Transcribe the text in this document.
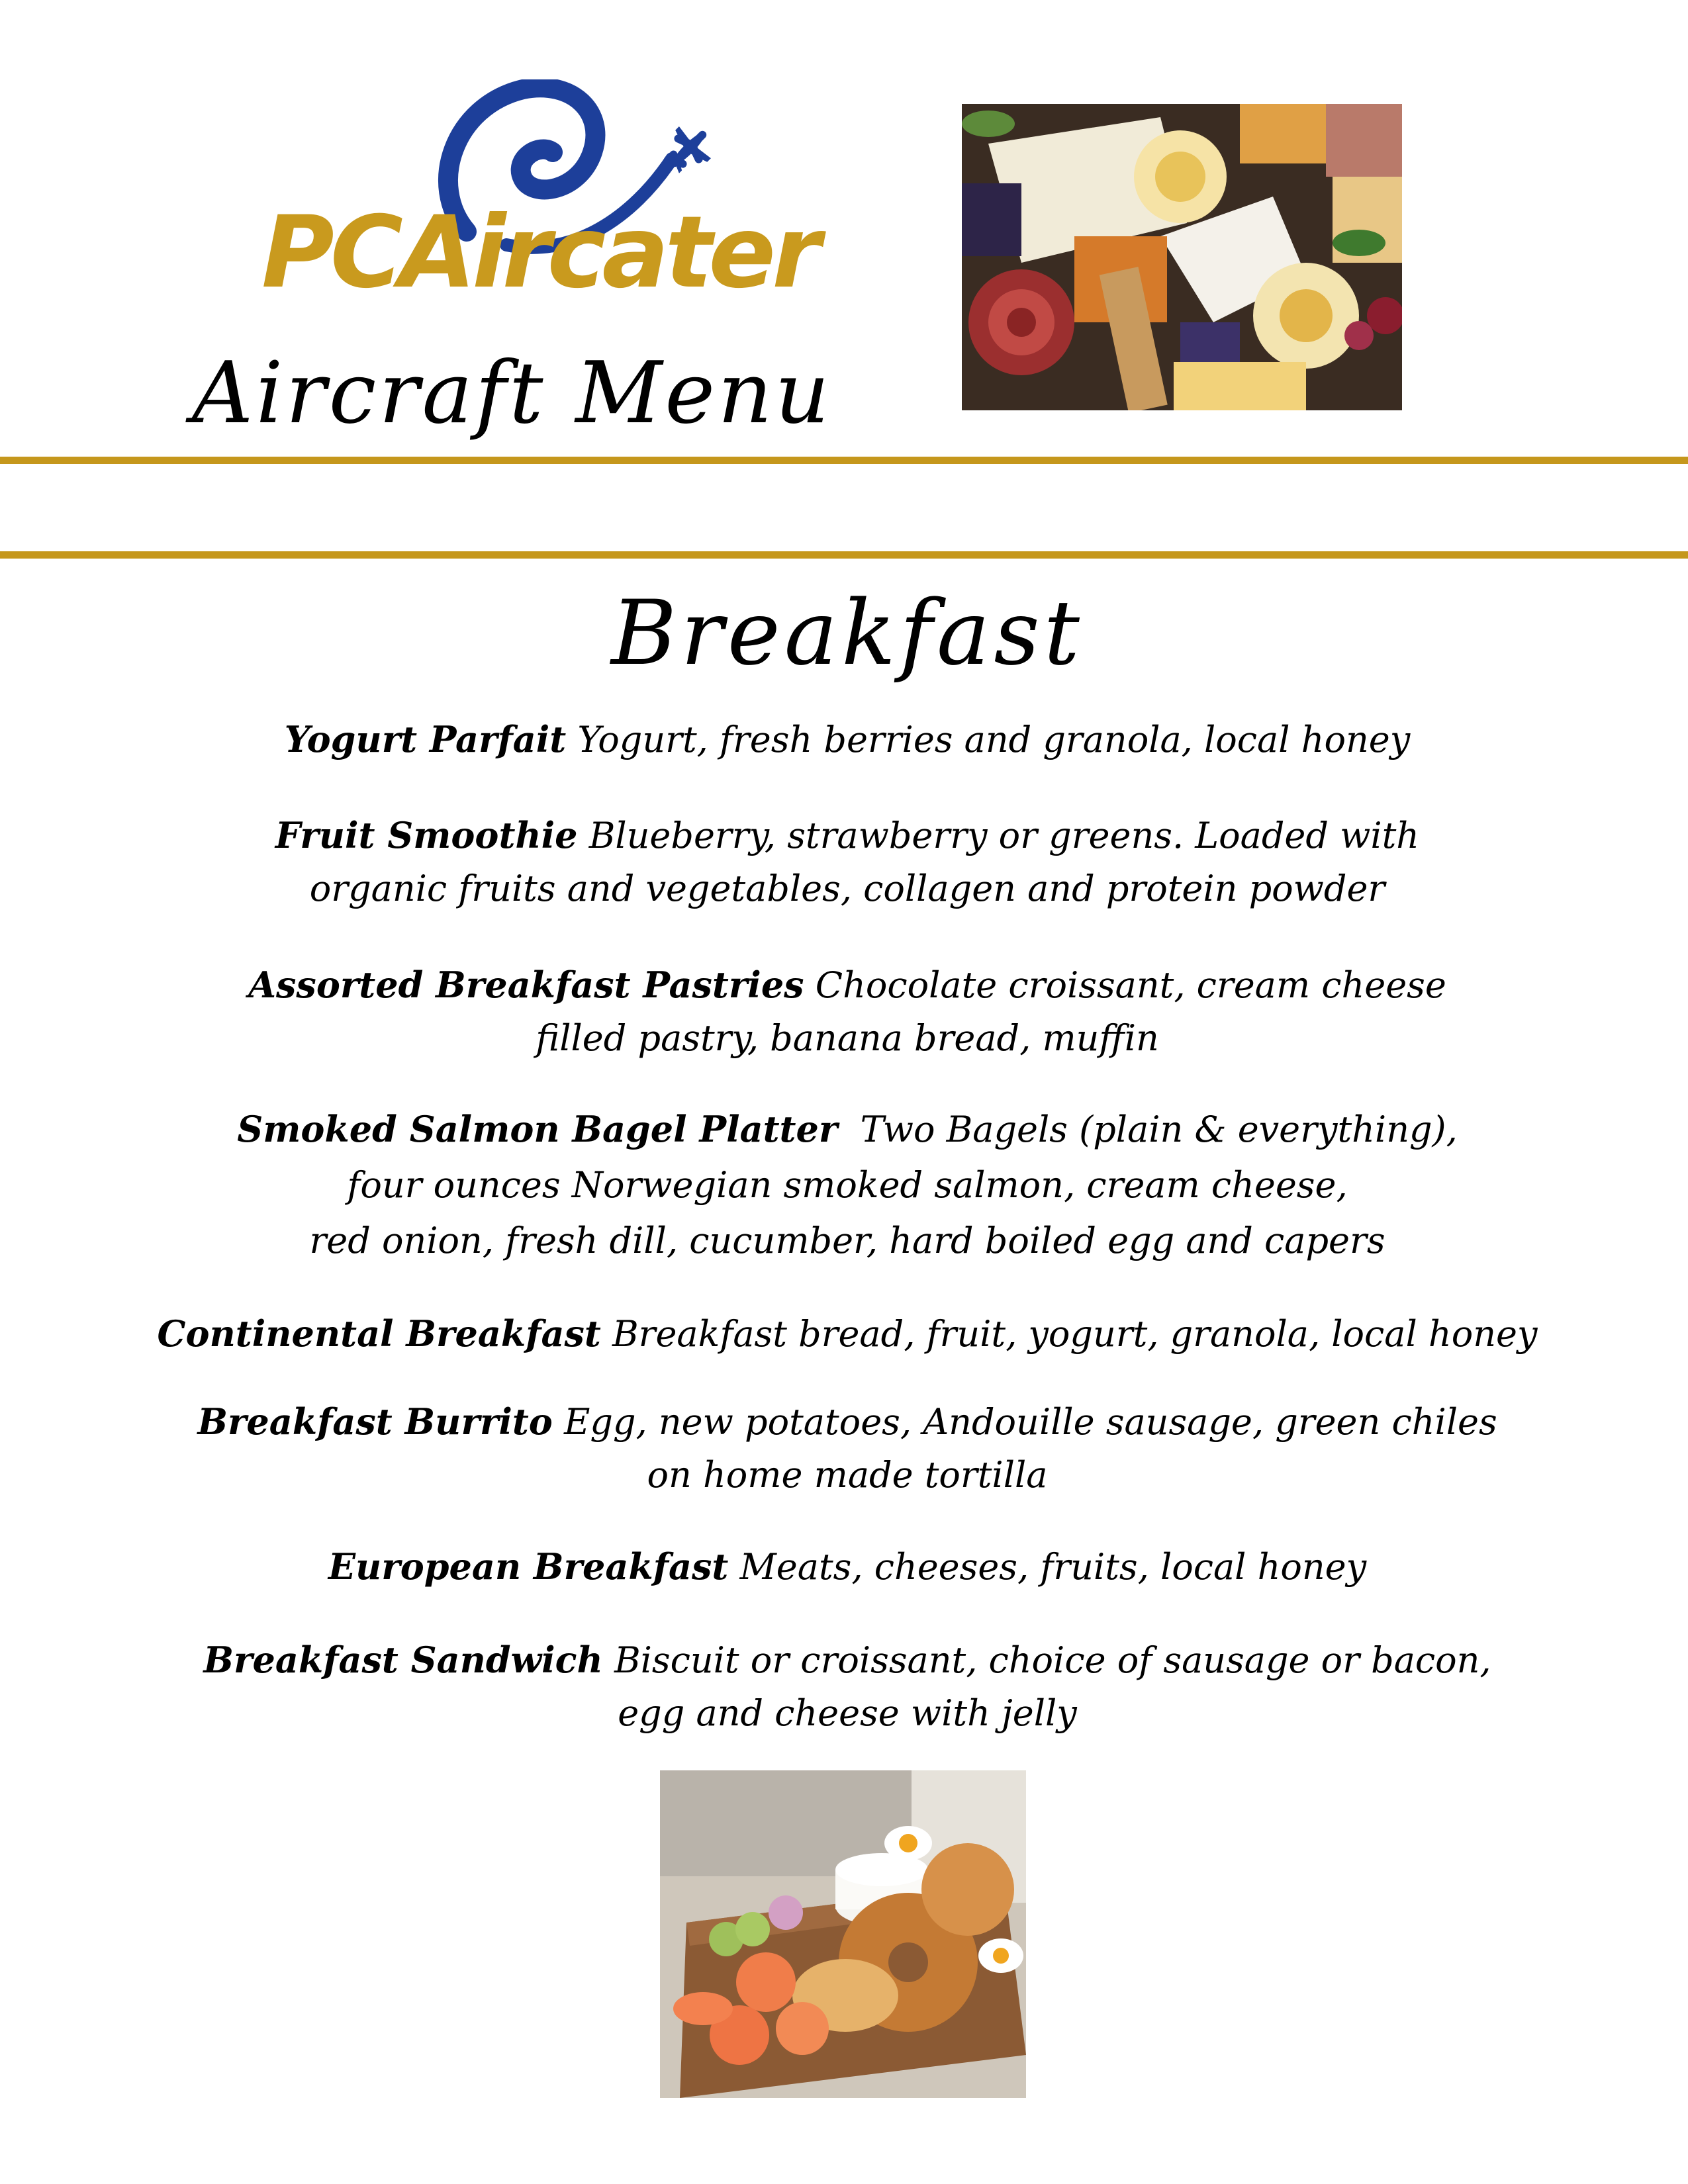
PCAircater
Aircraft Menu
Breakfast
Yogurt Parfait Yogurt, fresh berries and granola, local honey
Fruit Smoothie Blueberry, strawberry or greens. Loaded with
organic fruits and vegetables, collagen and protein powder
Assorted Breakfast Pastries Chocolate croissant, cream cheese
filled pastry, banana bread, muffin
Smoked Salmon Bagel Platter Two Bagels (plain & everything),
four ounces Norwegian smoked salmon, cream cheese,
red onion, fresh dill, cucumber, hard boiled egg and capers
Continental Breakfast Breakfast bread, fruit, yogurt, granola, local honey
Breakfast Burrito Egg, new potatoes, Andouille sausage, green chiles
on home made tortilla
European Breakfast Meats, cheeses, fruits, local honey
Breakfast Sandwich Biscuit or croissant, choice of sausage or bacon,
egg and cheese with jelly
